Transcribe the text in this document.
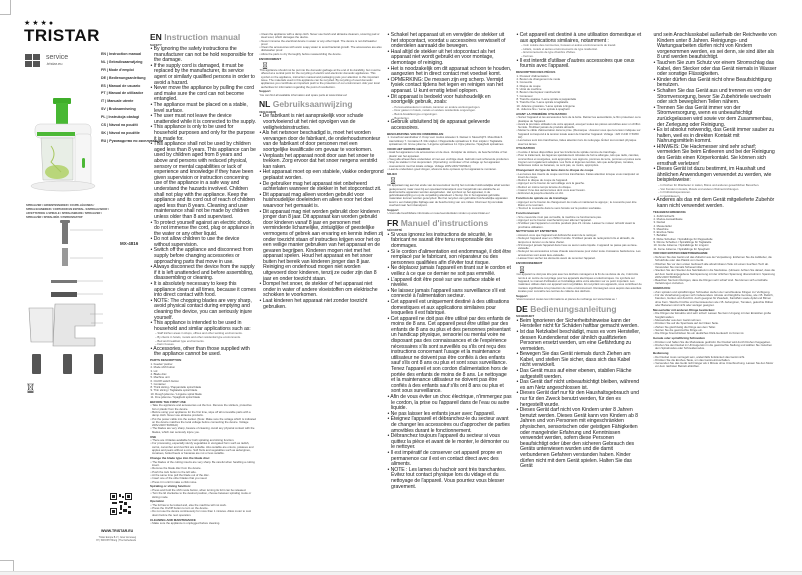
★★★●
TRISTAR
service
.tristar.eu
EN | Instruction manual
NL | Gebruiksaanwijzing
FR | Mode d'emploi
DE | Bedienungsanleitung
ES | Manual de usuario
PT | Manual de utilizador
IT | Manuale utente
SV | Bruksanvisning
PL | Instrukcja obsługi
CS | Návod na použití
SK | Návod na použitie
RU | Руководство по эксплуатации
MX-4816
SPIRALIZER / GROENTESNIJDER / COUPE-LÉGUMES / SPIRALSCHNEIDER / CORTADOR EN ESPIRAL / ESPIRALIZADOR / AFFETTATRICE A SPIRALE / SPIRALISERARE / SPIRALIZER / SPIRALIZÉR / SPIRALIZÉR / СПИРАЛИЗАТОР
WWW.TRISTAR.EU
Tristar Europe B.V. | Jules Verneweg 87 | 5015 BH Tilburg | The Netherlands
EN Instruction manual
SAFETY
• By ignoring the safety instructions the manufacturer can not be hold responsible for the damage.
• If the supply cord is damaged, it must be replaced by the manufacturer, its service agent or similarly qualified persons in order to avoid a hazard.
• Never move the appliance by pulling the cord and make sure the cord can not become entangled.
• The appliance must be placed on a stable, level surface.
• The user must not leave the device unattended while it is connected to the supply.
• This appliance is only to be used for household purposes and only for the purpose it is made for.
• This appliance shall not be used by children aged less than 8 years. This appliance can be used by children aged from 8 years and above and persons with reduced physical, sensory or mental capabilities or lack of experience and knowledge if they have been given supervision or instruction concerning use of the appliance in a safe way and understand the hazards involved. Children shall not play with the appliance. Keep the appliance and its cord out of reach of children aged less than 8 years. Cleaning and user maintenance shall not be made by children unless older than 8 and supervised.
• To protect yourself against an electric shock, do not immerse the cord, plug or appliance in the water or any other liquid.
• Do not allow children to use the device without supervision.
• Switch off the appliance and disconnect from supply before changing accessories or approaching parts that move in use.
• Always disconnect the device from the supply if it is left unattended and before assembling, disassembling or cleaning.
• It is absolutely necessary to keep this appliance clean at all times, because it comes into direct contact with food.
• NOTE: The chopping blades are very sharp, avoid physical contact during emptying and cleaning the device, you can seriously injure yourself.
• This appliance is intended to be used in household and similar applications such as:
– Staff kitchen areas in shops, offices and other working environments.
– By clients in hotels, motels and other residential type environments.
– Bed and breakfast type environments.
– Farm houses.
• Accessories, other than those supplied with the appliance cannot be used.
PARTS DESCRIPTION
1. Feeder/ pusher
2. Mode shift button
3. Lid
4. Blade disc
5. Machine unit
6. On/Off switch button
7. Container
8. Thick slicing / Pappardelle spiral blade
9. Thin slicing / Tagliatelle spiral blade
10. Rough julienne / Linguine spiral blade
11. Fine julienne / Spaghetti spiral blade
BEFORE THE FIRST USE
• Take the appliance and accessories out the box. Remove the stickers, protective foil or plastic from the device.
• Before using your appliance for the first time, wipe off all removable parts with a damp cloth. Never use abrasive products.
• Put the power cable into the socket. (Note: Make sure the voltage which is indicated on the device matches the local voltage before connecting the device. Voltage 220V-240V 50/60Hz)
• The blades are very sharp, beware of cleaning. Avoid any physical contact with the blades, which can seriously injure you.
USE
• There are 4 blades available for both spiraling and slicing function.
• For processing, especially sturdy vegetables in elongated form such as radish, carrot, cucumber and zucchini are suitable. Also suitable are onions, potatoes and apples and pears without a core. Soft fruits and vegetables such as aubergines, tomatoes, boiled beets or bananas are not or less suitable.
Change the blade type into the blade disc:
• The blades of the cutting inserts are very sharp. Be careful when handling a cutting insert.
• Remove the blade disc from the device.
• Push the lock button to the left side.
• At the same time pull the blade out of the disc.
• Insert one of the other blades that you need.
• Press it in until it make a click noise.
Spiraling or slicing function:
• Press and hold the shift mode button, when turning its lid it can be released.
• Turn the lid clockwise to the desired position, choose between spiraling mode or slicing mode.
Operation
• The lid has to be locked and, else the machine will not work.
• Press the On/Off button to turn on the device.
• Do not use the device continuously for more than 1 minutes. Allow motor to cool down before the next operation.
CLEANING AND MAINTENANCE
• Make sure the appliance is unplugged before cleaning.
• Clean the appliance with a damp cloth. Never use harsh and abrasive cleaners, scouring pad or steel wool, which damages the device.
• Never immerse the electrical device in water or any other liquid. The device is not dishwasher proof.
• Clean the accessories with warm soapy water to avoid bacterial growth. The accessories are also dishwasher proof.
• Allow the parts to dry thoroughly before reassembling the device.
ENVIRONMENT
This appliance should not be put into the domestic garbage at the end of its durability, but must be offered at a central point for the recycling of electric and electronic domestic appliances. This symbol on the appliance, instruction manual and packaging puts your attention to this important issue. The materials used in this appliance can be recycled. By recycling of used domestic appliances you contribute an important push to the protection of our environment. Ask your local authorities for information regarding the point of recollection.
Support
You can find all available information and spare parts at www.tristar.eu!
NL Gebruiksaanwijzing
VEILIGHEID
• De fabrikant is niet aansprakelijk voor schade voortvloeiend uit het niet opvolgen van de veiligheidsinstructies.
• Als het netsnoer beschadigd is, moet het worden vervangen door de fabrikant, de onderhoudsmonteur van de fabrikant of door personen met een soortgelijke kwalificatie om gevaar te voorkomen.
• Verplaats het apparaat nooit door aan het snoer te trekken. Zorg ervoor dat het snoer nergens verstrikt kan raken.
• Het apparaat moet op een stabiele, vlakke ondergrond geplaatst worden.
• De gebruiker mag het apparaat niet onbeheerd achterlaten wanneer de stekker in het stopcontact zit.
• Dit apparaat mag alleen worden gebruikt voor huishoudelijke doeleinden en alleen voor het doel waarvoor het gemaakt is.
• Dit apparaat mag niet worden gebruikt door kinderen jonger dan 8 jaar. Dit apparaat kan worden gebruikt door kinderen vanaf 8 jaar en personen met verminderde lichamelijke, zintuiglijke of geestelijke vermogens of gebrek aan ervaring en kennis indien zij onder toezicht staan of instructies krijgen voor het op een veilige manier gebruiken van het apparaat en de gevaren begrijpen. Kinderen mogen niet met het apparaat spelen. Houd het apparaat en het snoer buiten het bereik van kinderen jonger dan 8 jaar. Reiniging en onderhoud mogen niet worden uitgevoerd door kinderen, tenzij ze ouder zijn dan 8 jaar en onder toezicht staan.
• Dompel het snoer, de stekker of het apparaat niet onder in water of andere vloeistoffen om elektrische schokken te voorkomen.
• Laat kinderen het apparaat niet zonder toezicht gebruiken.
• Schakel het apparaat uit en verwijder de stekker uit het stopcontact, voordat u accessoires verwisselt of onderdelen aanraakt die bewegen.
• Haal altijd de stekker uit het stopcontact als het apparaat niet wordt gebruikt en voor montage, demontage of reiniging.
• Het is noodzakelijk om dit apparaat schoon te houden, aangezien het in direct contact met voedsel komt.
• OPMERKING: De messen zijn erg scherp. Vermijd fysiek contact tijdens het legen en reinigen van het apparaat. U kunt ernstig letsel oplopen.
• Dit apparaat is bedoeld voor huishoudelijk en soortgelijk gebruik, zoals:
– Personeelskeukens in winkels, kantoren en andere werkomgevingen.
– Door gasten in hotels, motels en andere residentiële omgevingen.
– Bed-&-breakfast-type omgevingen.
– Boerderijen.
• Gebruik uitsluitend bij de apparaat geleverde accessoires.
BESCHRIJVING VAN DE ONDERDELEN
1. Invoerbus/ aandrukker 2. Knop voor modus wisselen 3. Deksel 4. Messchijf 5. Motorblok 6. Aan/uitknop 7. Container 8. Dik snijden / Pappardelle spiraalmes 9. Dun snijden / Tagliatelle spiraalmes 10. Grove julienne / Linguine spiraalmes 11. Fijne julienne / Spaghetti spiraalmes
VOOR HET EERSTE GEBRUIK
• Haal het apparaat en de accessoires uit de doos. Verwijder de stickers, de beschermfolie of het plastic van het apparaat.
• Veeg alle afneembare onderdelen af met een vochtige doek. Gebruik nooit schurende producten.
• Stop de stekker in het stopcontact. (Opmerking: controleer of het voltage op het apparaat overeenkomt met het lokale voltage. Voltage 220V-240V 50/60Hz)
• Laat de onderdelen goed drogen, alvorens deze opnieuw op het apparaat te monteren.
MILIEU
Dit apparaat mag aan het einde van de levensduur niet bij het normale huishoudelijke afval worden gedeponeerd, maar moet bij een speciaal inzamelpunt voor hergebruik van elektrische en elektronische apparaten worden aangeboden. Het symbool op het apparaat, in de gebruiksaanwijzing en op de verpakking attendeert u hierop. De in het apparaat gebruikte materialen kunnen worden gerecycled. Met het recyclen van gebruikte huishoudelijke apparaten levert u een belangrijke bijdrage aan de bescherming van ons milieu. Informeer bij uw lokale overheid naar het inzamelpunt.
Support
U kunt alle beschikbare informatie en reserveonderdelen vinden op www.tristar.eu!
FR Manuel d'instructions
SÉCURITÉ
• Si vous ignorez les instructions de sécurité, le fabricant ne saurait être tenu responsable des dommages.
• Si le cordon d'alimentation est endommagé, il doit être remplacé par le fabricant, son réparateur ou des personnes qualifiées afin d'éviter tout risque.
• Ne déplacez jamais l'appareil en tirant sur le cordon et veillez à ce que ce dernier ne soit pas emmêlé.
• L'appareil doit être posé sur une surface stable et nivelée.
• Ne laissez jamais l'appareil sans surveillance s'il est connecté à l'alimentation secteur.
• Cet appareil est uniquement destiné à des utilisations domestiques et aux applications similaires pour lesquelles il est fabriqué.
• Cet appareil ne doit pas être utilisé par des enfants de moins de 8 ans. Cet appareil peut être utilisé par des enfants de 8 ans ou plus et des personnes présentant un handicap physique, sensoriel ou mental voire ne disposant pas des connaissances et de l'expérience nécessaires s'ils sont surveillés ou s'ils ont reçu des instructions concernant l'usage et la maintenance utilisateur ne doivent pas être confiés à des enfants sauf s'ils ont 8 ans ou plus et sont sous surveillance. Tenez l'appareil et son cordon d'alimentation hors de portée des enfants de moins de 8 ans. Le nettoyage et la maintenance utilisateur ne doivent pas être confiés à des enfants sauf s'ils ont 8 ans ou plus et sont sous surveillance.
• Afin de vous éviter un choc électrique, n'immergez pas le cordon, la prise ou l'appareil dans de l'eau ou autre liquide.
• Ne pas laisser les enfants jouer avec l'appareil.
• Éteignez l'appareil et débranchez-le du secteur avant de changer les accessoires ou d'approcher de parties amovibles durant le fonctionnement.
• Débranchez toujours l'appareil du secteur si vous quittez la pièce et avant de le monter, le démonter ou le nettoyer.
• Il est impératif de conserver cet appareil propre en permanence car il est en contact direct avec des aliments.
• NOTE : Les lames du hachoir sont très tranchantes. Évitez tout contact physique lors du vidage et du nettoyage de l'appareil. Vous pourriez vous blesser gravement.
• Cet appareil est destiné à une utilisation domestique et aux applications similaires, notamment :
– Coin cuisine des commerces, bureaux et autres environnements de travail.
– Hôtels, motels et autres environnements de type résidentiel.
– Environnements de type chambre d'hôtes.
– Fermes.
• Il est interdit d'utiliser d'autres accessoires que ceux fournis avec l'appareil.
DESCRIPTION DES PIÈCES
1. Poussoir d'alimentation
2. Bouton de changement de mode
3. Couvercle
4. Disque de coupe
5. Unité de machine
6. Bouton interrupteur marche/arrêt
7. Conteneur
8. Tranche épaisse / Lame spirale à pappardelle
9. Tranche fine / Lame spirale à tagliatelle
10. Julienne grossière / Lame spirale à linguine
11. Julienne fine / Lame spirale à spaghetti
AVANT LA PREMIÈRE UTILISATION
• Sortez l'appareil et les accessoires hors de la boîte. Retirez les autocollants, le film protecteur ou le plastique de l'appareil.
• Avant la première utilisation de votre appareil, essuyez toutes les pièces amovibles avec un chiffon humide. N'utilisez jamais de produits abrasifs.
• Mettez le câble d'alimentation dans la prise. (Remarque : Assurez-vous que la tension indiquée sur l'appareil correspond à la tension locale avant de brancher l'appareil. Voltage : 220 V-240 V 50/60 Hz)
• Les lames sont très tranchantes, faites attention lors du nettoyage. Évitez tout contact physique avec les lames.
UTILISATION
• Il existe 4 lames disponibles pour les fonctions de spirale comme de tranchage.
• Pour le traitement, les légumes spécialement robustes de forme allongée, tels que radis, carottes, concombres et courgettes, sont appropriés. Les oignons, pommes de terre, pommes et poires sans trognon sont également adaptés. Les fruits et légumes tendres, tels que aubergines, tomates, betteraves cuites ou bananes, ne sont pas, ou moins, appropriés.
Changement du type de lame dans le disque de coupe
• Les lames des inserts de coupe sont très tranchantes. Faites attention lorsque vous manipulez un insert de coupe.
• Retirez le disque de coupe de l'appareil.
• Appuyez sur le bouton de verrouillage vers la gauche.
• Retirez en même temps la lame du disque.
• Insérez l'une des autres lames dont vous avez besoin.
• Enfoncez-la jusqu'à entendre un clic.
Fonction de spirale ou de tranchage
• Appuyez sur le bouton de changement de mode et maintenez-le appuyé ; le couvercle peut être libéré en le tournant.
• Tournez le couvercle dans le sens horaire sur la position souhaitée.
Fonctionnement
• Si le couvercle n'est pas verrouillé, la machine ne fonctionnera pas.
• Appuyez sur le bouton marche/arrêt pour allumer l'appareil.
• N'utilisez pas l'appareil en continu pendant plus d'1 minute. Laissez le moteur refroidir avant la prochaine utilisation.
NETTOYAGE ET ENTRETIEN
• Assurez-vous que l'appareil est débranché avant de le nettoyer.
• Nettoyez l'appareil avec un chiffon humide. N'utilisez jamais de nettoyants forts et abrasifs, de tampons à récurer ou de laine d'acier.
• N'immergez jamais l'appareil dans l'eau ou aucun autre liquide. L'appareil ne passe pas au lave-vaisselle.
• Nettoyez les accessoires à l'eau chaude savonneuse pour éviter toute croissance bactérienne. Les accessoires sont aussi lave-vaisselle.
• Laissez bien sécher les éléments avant de remonter l'appareil.
ENVIRONNEMENT
Cet appareil ne doit pas être jeté avec les déchets ménagers à la fin de sa durée de vie, il doit être remis à un centre de recyclage pour les appareils électriques et électroniques. Ce symbole sur l'appareil, le manuel d'utilisation et l'emballage attire votre attention sur ce point important. Les matériaux utilisés dans cet appareil sont recyclables. En recyclant vos appareils, vous contribuez de manière significative à la protection de notre environnement. Renseignez-vous auprès des autorités locales pour connaître les centres de collecte des déchets.
Support
Vous trouverez toutes les informations et pièces de rechange sur www.tristar.eu !
DE Bedienungsanleitung
SICHERHEIT
• Beim Ignorieren der Sicherheitshinweise kann der Hersteller nicht für Schäden haftbar gemacht werden.
• Ist das Netzkabel beschädigt, muss es vom Hersteller, dessen Kundendienst oder ähnlich qualifizierten Personen ersetzt werden, um eine Gefährdung zu vermeiden.
• Bewegen Sie das Gerät niemals durch Ziehen am Kabel, und stellen Sie sicher, dass sich das Kabel nicht verwickelt.
• Das Gerät muss auf einer ebenen, stabilen Fläche aufgestellt werden.
• Das Gerät darf nicht unbeaufsichtigt bleiben, während es am Netz angeschlossen ist.
• Dieses Gerät darf nur für den Haushaltsgebrauch und nur für den Zweck benutzt werden, für den es hergestellt wurde.
• Dieses Gerät darf nicht von Kindern unter 8 Jahren benutzt werden. Dieses Gerät kann von Kindern ab 8 Jahren und von Personen mit eingeschränkten physischen, sensorischen oder geistigen Fähigkeiten oder mangelnder Erfahrung und Kenntnissen verwendet werden, sofern diese Personen beaufsichtigt oder über den sicheren Gebrauch des Geräts unterwiesen wurden und die damit verbundenen Gefahren verstanden haben. Kinder dürfen nicht mit dem Gerät spielen. Halten Sie das Gerät
und sein Anschlusskabel außerhalb der Reichweite von Kindern unter 8 Jahren. Reinigungs- und Wartungsarbeiten dürfen nicht von Kindern vorgenommen werden, es sei denn, sie sind älter als 8 und werden beaufsichtigt.
• Tauchen Sie zum Schutz vor einem Stromschlag das Kabel, den Stecker oder das Gerät niemals in Wasser oder sonstige Flüssigkeiten.
• Kinder dürfen das Gerät nicht ohne Beaufsichtigung benutzen.
• Schalten Sie das Gerät aus und trennen es von der Stromversorgung, bevor Sie Zubehörteile wechseln oder sich beweglichen Teilen nähern.
• Trennen Sie das Gerät immer von der Stromversorgung, wenn es unbeaufsichtigt zurückgelassen wird sowie vor dem Zusammenbau, der Zerlegung oder Reinigung.
• Es ist absolut notwendig, das Gerät immer sauber zu halten, weil es in direkten Kontakt mit Nahrungsmitteln kommt.
• HINWEIS: Die Hackmesser sind sehr scharf; vermeiden Sie beim Entleeren und bei der Reinigung des Geräts einen Körperkontakt. Sie können sich ernsthaft verletzen!
• Dieses Gerät ist dazu bestimmt, im Haushalt und ähnlichen Anwendungen verwendet zu werden, wie beispielsweise:
– In Küchen für Mitarbeiter in Läden, Büros und anderen gewerblichen Bereichen.
– Von Kunden in Hotels, Motels und anderen Wohneinrichtungen.
– In Frühstückspensionen.
– In Gutshäusern.
• Anderes als das mit dem Gerät mitgelieferte Zubehör kann nicht verwendet werden.
TEILEBESCHREIBUNG
1. Zuführschacht
2. Modus-Auswahltaste
3. Deckel
4. Messerteller
5. Maschine
6. Ein/Aus-Taste
7. Behälter
8. Dicke Scheiben / Spiralklinge für Pappardelle
9. Dünne Scheiben / Spiralklinge für Tagliatelle
10. Grobe Julienne / Spiralklinge für Linguini
11. Feine Julienne / Spiralklinge für Spaghetti
VOR DER ERSTEN INBETRIEBNAHME
• Nehmen Sie das Gerät und das Zubehör aus der Verpackung. Entfernen Sie die Aufkleber, die Schutzfolie oder das Plastik vom Gerät.
• Wischen Sie vor dem ersten Gebrauch alle abnehmbaren Teile mit einem feuchten Tuch ab. Verwenden Sie niemals Scheuermittel.
• Stecken Sie den Stecker des Netzkabels in die Steckdose. (Hinweis: Achten Sie darauf, dass die auf dem Gerät angegebene Netzspannung mit der örtlichen Spannung übereinstimmt. Spannung 220V-240V 50/60Hz)
• Beachten Sie beim Reinigen, dass die Klingen sehr scharf sind. Sie können sich ernsthafte Verletzungen zuziehen.
GEBRAUCH
• Zum spiralen und spiralförmigen Schneiden stehen vier verschiedene Klingen zur Verfügung.
• Für die Verarbeitung eignen sich insbesondere robuste und längliche Gemüse, wie z.B. Rettich, Karotten, Gurken und Zucchini. Auch geeignet für Zwiebeln, Kartoffeln sowie Äpfel und Birnen ohne Kern. Weiche Früchte und Gemüsesorten wie z.B. Auberginen, Tomaten, gekochte Rüben oder Bananen sind nicht oder weniger geeignet.
Messerteller mit anderen Klinge bestücken:
• Die Klingen der Einsätze sind sehr scharf. Lassen Sie beim Umgang mit den Einsätzen große Sorgfalt walten.
• Messerteller aus dem Gerät nehmen.
• Drücken Sie auf die Sperrtaste auf der linken Seite.
• Ziehen Sie gleichzeitig die Klinge aus dem Teller.
• Setzen Sie die gewünschte Klinge ein.
• Die Klinge hineindrücken bis ein deutliches Klick-Geräusch zu hören ist.
Gerade oder spiralförmig Schneiden
• Drücken und halten Sie die Modustaste gedrückt. Der Deckel wird durch Drehen freigegeben.
• Drehen Sie den Deckel im Uhrzeigersinn in die gewünschte Stellung und wählen Sie zwischen dem Spiralmodus oder Schneidemodus.
Bedienung
• Der Deckel muss verriegelt sein, andernfalls funktioniert das Gerät nicht.
• Drücken Sie die Ein/Aus-Taste, um das Gerät einzuschalten.
• Verwenden Sie das Gerät nicht länger als 1 Minute ohne Unterbrechung. Lassen Sie den Motor vor dem nächsten Betrieb abkühlen.
